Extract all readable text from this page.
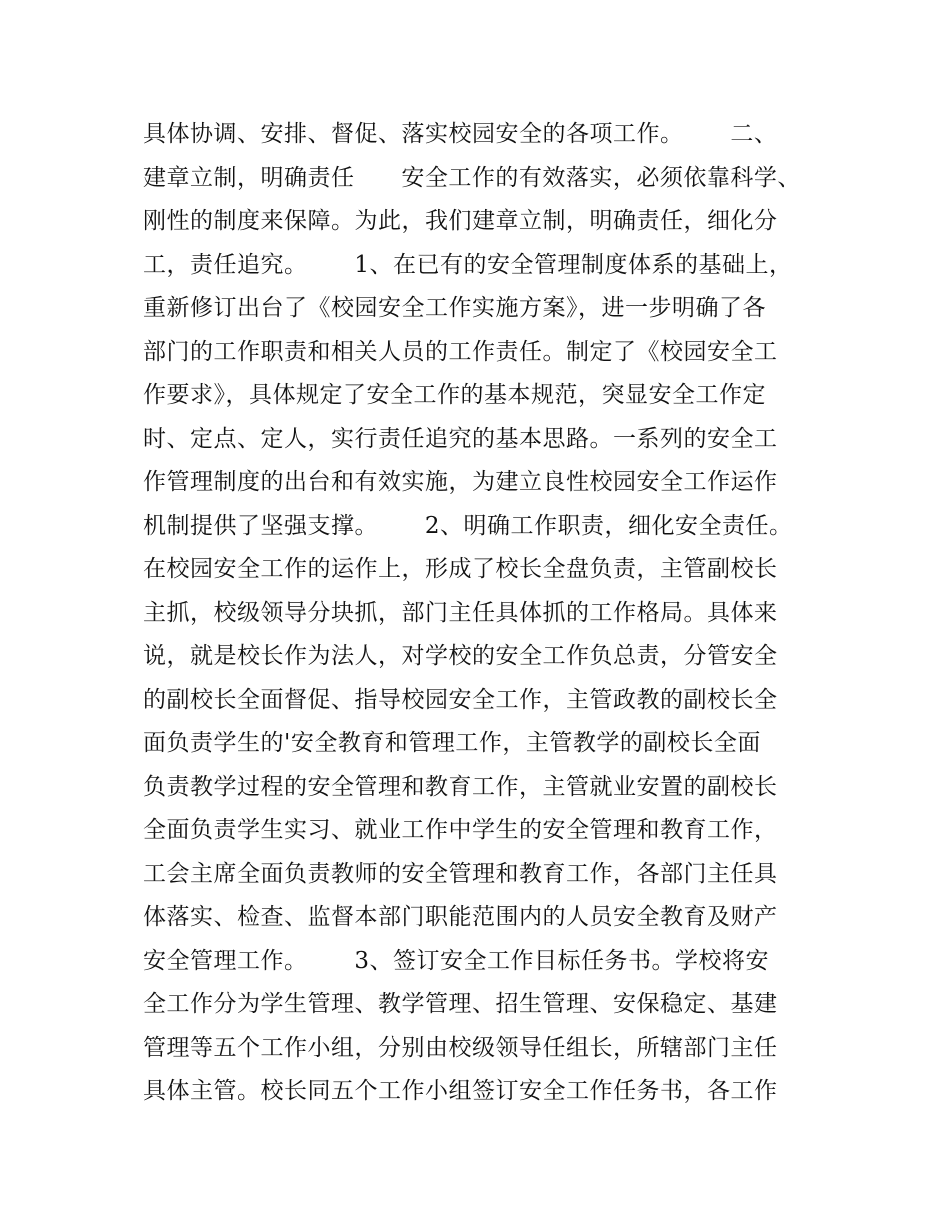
具体协调、安排、督促、落实校园安全的各项工作。      二、
建章立制，明确责任      安全工作的有效落实，必须依靠科学、
刚性的制度来保障。为此，我们建章立制，明确责任，细化分
工，责任追究。      1、在已有的安全管理制度体系的基础上，
重新修订出台了《校园安全工作实施方案》，进一步明确了各
部门的工作职责和相关人员的工作责任。制定了《校园安全工
作要求》，具体规定了安全工作的基本规范，突显安全工作定
时、定点、定人，实行责任追究的基本思路。一系列的安全工
作管理制度的出台和有效实施，为建立良性校园安全工作运作
机制提供了坚强支撑。      2、明确工作职责，细化安全责任。
在校园安全工作的运作上，形成了校长全盘负责，主管副校长
主抓，校级领导分块抓，部门主任具体抓的工作格局。具体来
说，就是校长作为法人，对学校的安全工作负总责，分管安全
的副校长全面督促、指导校园安全工作，主管政教的副校长全
面负责学生的'安全教育和管理工作，主管教学的副校长全面
负责教学过程的安全管理和教育工作，主管就业安置的副校长
全面负责学生实习、就业工作中学生的安全管理和教育工作，
工会主席全面负责教师的安全管理和教育工作，各部门主任具
体落实、检查、监督本部门职能范围内的人员安全教育及财产
安全管理工作。      3、签订安全工作目标任务书。学校将安
全工作分为学生管理、教学管理、招生管理、安保稳定、基建
管理等五个工作小组，分别由校级领导任组长，所辖部门主任
具体主管。校长同五个工作小组签订安全工作任务书，各工作
